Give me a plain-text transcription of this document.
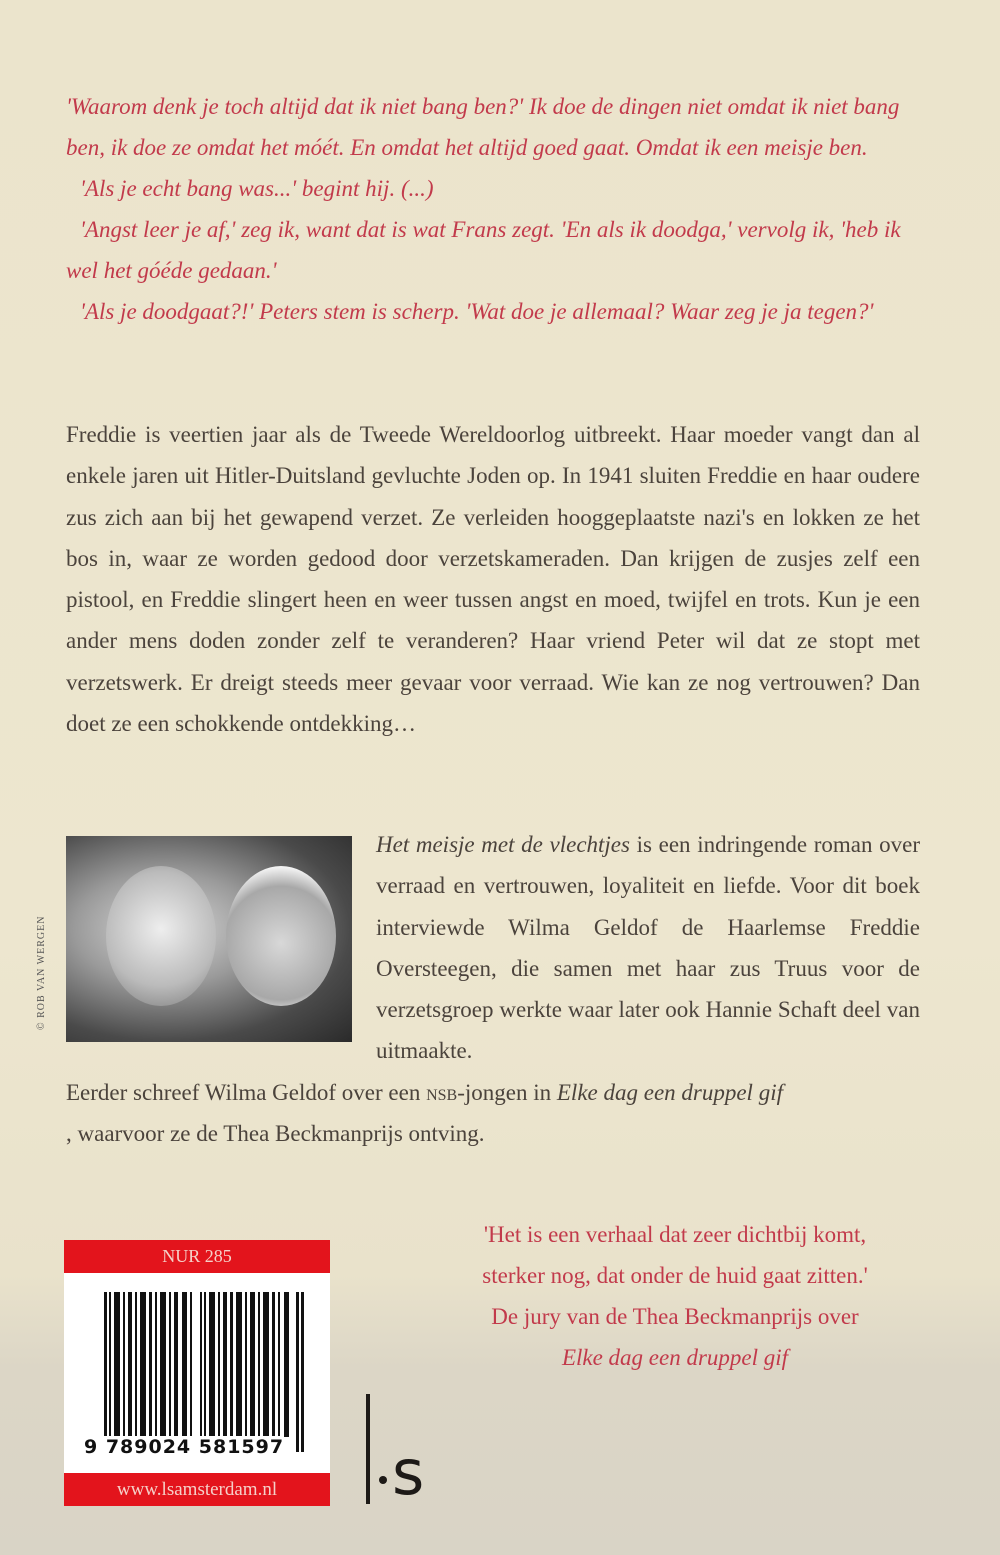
'Waarom denk je toch altijd dat ik niet bang ben?' Ik doe de dingen niet omdat ik niet bang ben, ik doe ze omdat het móét. En omdat het altijd goed gaat. Omdat ik een meisje ben.

'Als je echt bang was...' begint hij. (...)

'Angst leer je af,' zeg ik, want dat is wat Frans zegt. 'En als ik doodga,' vervolg ik, 'heb ik wel het góéde gedaan.'

'Als je doodgaat?!' Peters stem is scherp. 'Wat doe je allemaal? Waar zeg je ja tegen?'

Freddie is veertien jaar als de Tweede Wereldoorlog uitbreekt. Haar moeder vangt dan al enkele jaren uit Hitler-Duitsland gevluchte Joden op. In 1941 sluiten Freddie en haar oudere zus zich aan bij het gewapend verzet. Ze verleiden hooggeplaatste nazi's en lokken ze het bos in, waar ze worden gedood door verzetskameraden. Dan krijgen de zusjes zelf een pistool, en Freddie slingert heen en weer tussen angst en moed, twijfel en trots. Kun je een ander mens doden zonder zelf te veranderen? Haar vriend Peter wil dat ze stopt met verzetswerk. Er dreigt steeds meer gevaar voor verraad. Wie kan ze nog vertrouwen? Dan doet ze een schokkende ontdekking…

© ROB VAN WERGEN
Het meisje met de vlechtjes is een indringende roman over verraad en vertrouwen, loyaliteit en liefde. Voor dit boek interviewde Wilma Geldof de Haarlemse Freddie Oversteegen, die samen met haar zus Truus voor de verzetsgroep werkte waar later ook Hannie Schaft deel van uitmaakte.
Eerder schreef Wilma Geldof over een nsb-jongen in Elke dag een druppel gif
, waarvoor ze de Thea Beckmanprijs ontving.

'Het is een verhaal dat zeer dichtbij komt,

sterker nog, dat onder de huid gaat zitten.'

De jury van de Thea Beckmanprijs over

Elke dag een druppel gif

NUR 285
9 789024 581597
www.lsamsterdam.nl	s
